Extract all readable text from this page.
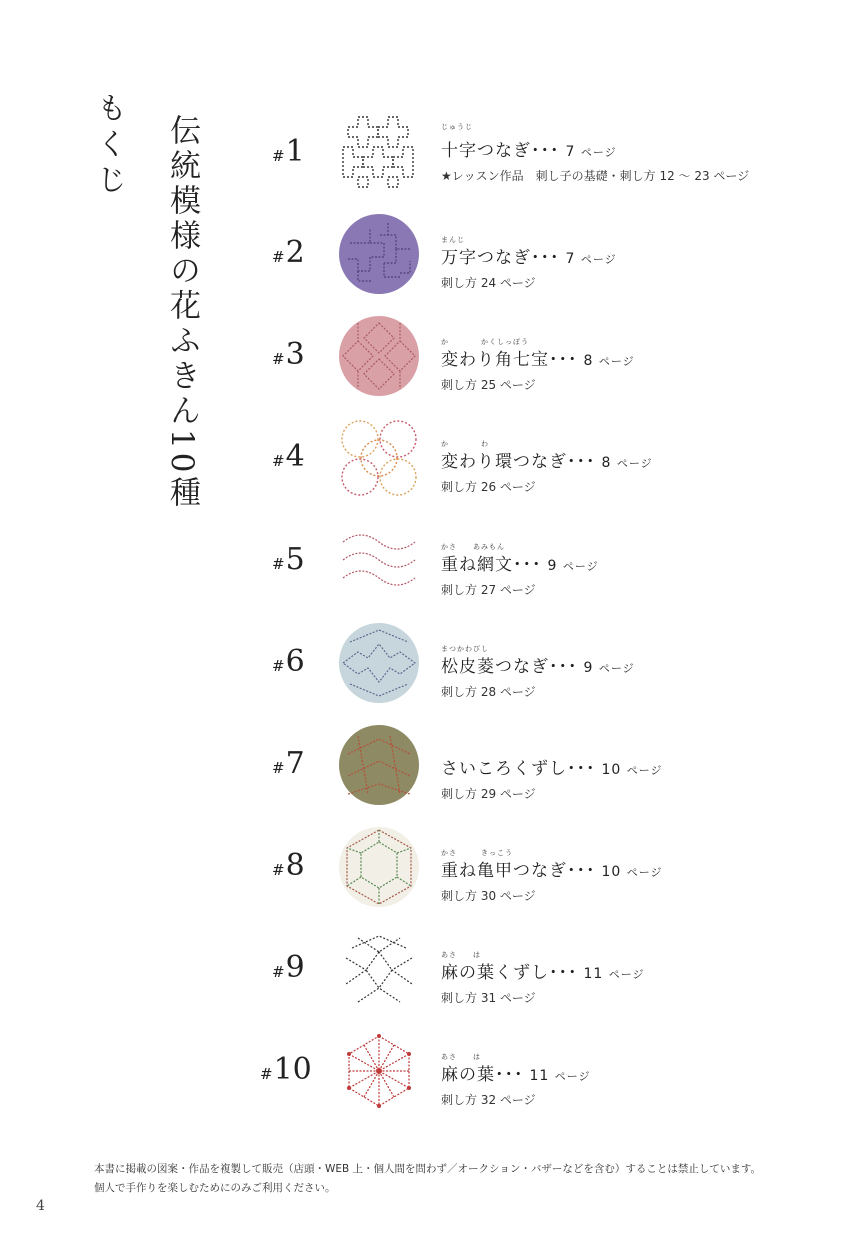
もくじ 伝統模様の花ふきん10種	#1
じゅうじ
十字つなぎ･･･ 7 ページ
★レッスン作品　刺し子の基礎・刺し方 12 〜 23 ページ
#2	まんじ
万字つなぎ･･･ 7 ページ
刺し方 24 ページ
#3	か　　　　かくしっぽう
変わり角七宝･･･ 8 ページ
刺し方 25 ページ
#4	か　　　　わ
変わり環つなぎ･･･ 8 ページ
刺し方 26 ページ
#5	かさ　　あみもん
重ね網文･･･ 9 ページ
刺し方 27 ページ
#6	まつかわびし
松皮菱つなぎ･･･ 9 ページ
刺し方 28 ページ
#7	さいころくずし･･･ 10 ページ
刺し方 29 ページ
#8	かさ　　　きっこう
重ね亀甲つなぎ･･･ 10 ページ
刺し方 30 ページ
#9	あさ　　は
麻の葉くずし･･･ 11 ページ
刺し方 31 ページ
#10	あさ　　は
麻の葉･･･ 11 ページ
刺し方 32 ページ
本書に掲載の図案・作品を複製して販売（店頭・WEB 上・個人間を問わず／オークション・バザーなどを含む）することは禁止しています。
個人で手作りを楽しむためにのみご利用ください。
4
